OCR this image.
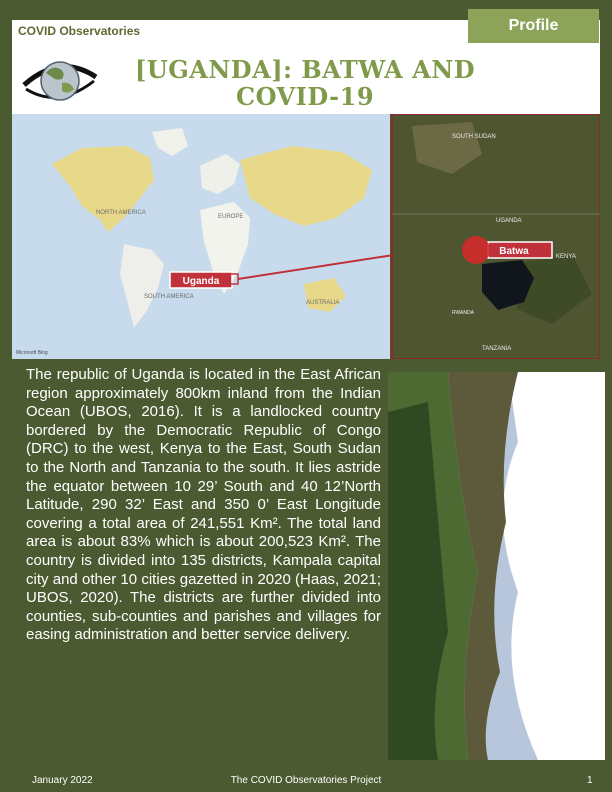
COVID Observatories	Profile
[UGANDA]: BATWA AND
COVID-19
NORTH AMERICA
SOUTH AMERICA
EUROPE
AUSTRALIA
Microsoft Bing
Uganda
SOUTH SUDAN
UGANDA
KENYA
RWANDA
TANZANIA
Batwa
The republic of Uganda is located in the East African region approximately 800km inland from the Indian Ocean (UBOS, 2016). It is a landlocked country bordered by the Democratic Republic of Congo (DRC) to the west, Kenya to the East, South Sudan to the North and Tanzania to the south. It lies astride the equator between 10 29’ South and 40 12’North Latitude, 290 32’ East and 350 0’ East Longitude covering a total area of 241,551 Km². The total land area is about 83% which is about 200,523 Km². The country is divided into 135 districts, Kampala capital city and other 10 cities gazetted in 2020 (Haas, 2021; UBOS, 2020). The districts are further divided into counties, sub-counties and parishes and villages for easing administration and better service delivery.
January 2022	The COVID Observatories Project	1
